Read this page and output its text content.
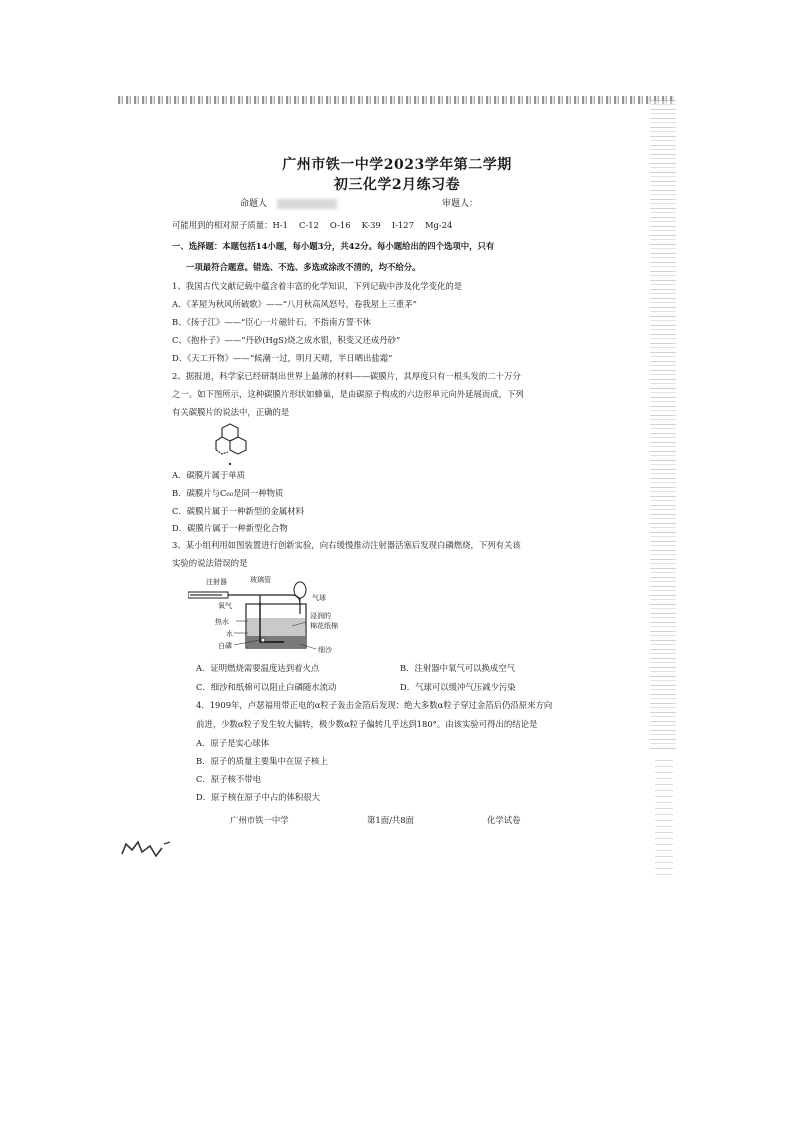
广州市铁一中学2023学年第二学期
初三化学2月练习卷
命题人	审题人：
可能用到的相对原子质量：H-1　 C-12 　O-16 　K-39 　I-127 　Mg-24
一、选择题：本题包括14小题，每小题3分，共42分。每小题给出的四个选项中，只有
一项最符合题意。错选、不选、多选或涂改不清的，均不给分。
1、我国古代文献记载中蕴含着丰富的化学知识，下列记载中涉及化学变化的是
A、《茅屋为秋风所破歌》——“八月秋高风怒号，卷我屋上三重茅”
B、《扬子江》——“臣心一片磁针石，不指南方誓不休
C、《抱朴子》——“丹砂(HgS)烧之成水银，积变又还成丹砂”
D、《天工开物》——“候潮一过，明月天晴，半日晒出盐霜”
2、据报道，科学家已经研制出世界上最薄的材料——碳膜片，其厚度只有一根头发的二十万分
之一。如下图所示，这种碳膜片形状如蜂巢，是由碳原子构成的六边形单元向外延展而成，下列
有关碳膜片的说法中，正确的是
A．碳膜片属于单质
B．碳膜片与C₆₀是同一种物质
C．碳膜片属于一种新型的金属材料
D．碳膜片属于一种新型化合物
3、某小组利用如图装置进行创新实验，向右缓慢推动注射器活塞后发现白磷燃烧，下列有关该
实验的说法错误的是
注射器	玻璃管
气球
氧气
热水
水
白磷
浸润的
棉花纸棉
细沙
A．证明燃烧需要温度达到着火点	B．注射器中氧气可以换成空气
C．细沙和纸棉可以阻止白磷随水流动	D．气球可以缓冲气压减少污染
4．1909年，卢瑟福用带正电的α粒子轰击金箔后发现：绝大多数α粒子穿过金箔后仍沿原来方向
前进，少数α粒子发生较大偏转，极少数α粒子偏转几乎达到180°。由该实验可得出的结论是
A．原子是实心球体
B．原子的质量主要集中在原子核上
C．原子核不带电
D．原子核在原子中占的体积很大
广州市铁一中学	第1面/共8面	化学试卷
